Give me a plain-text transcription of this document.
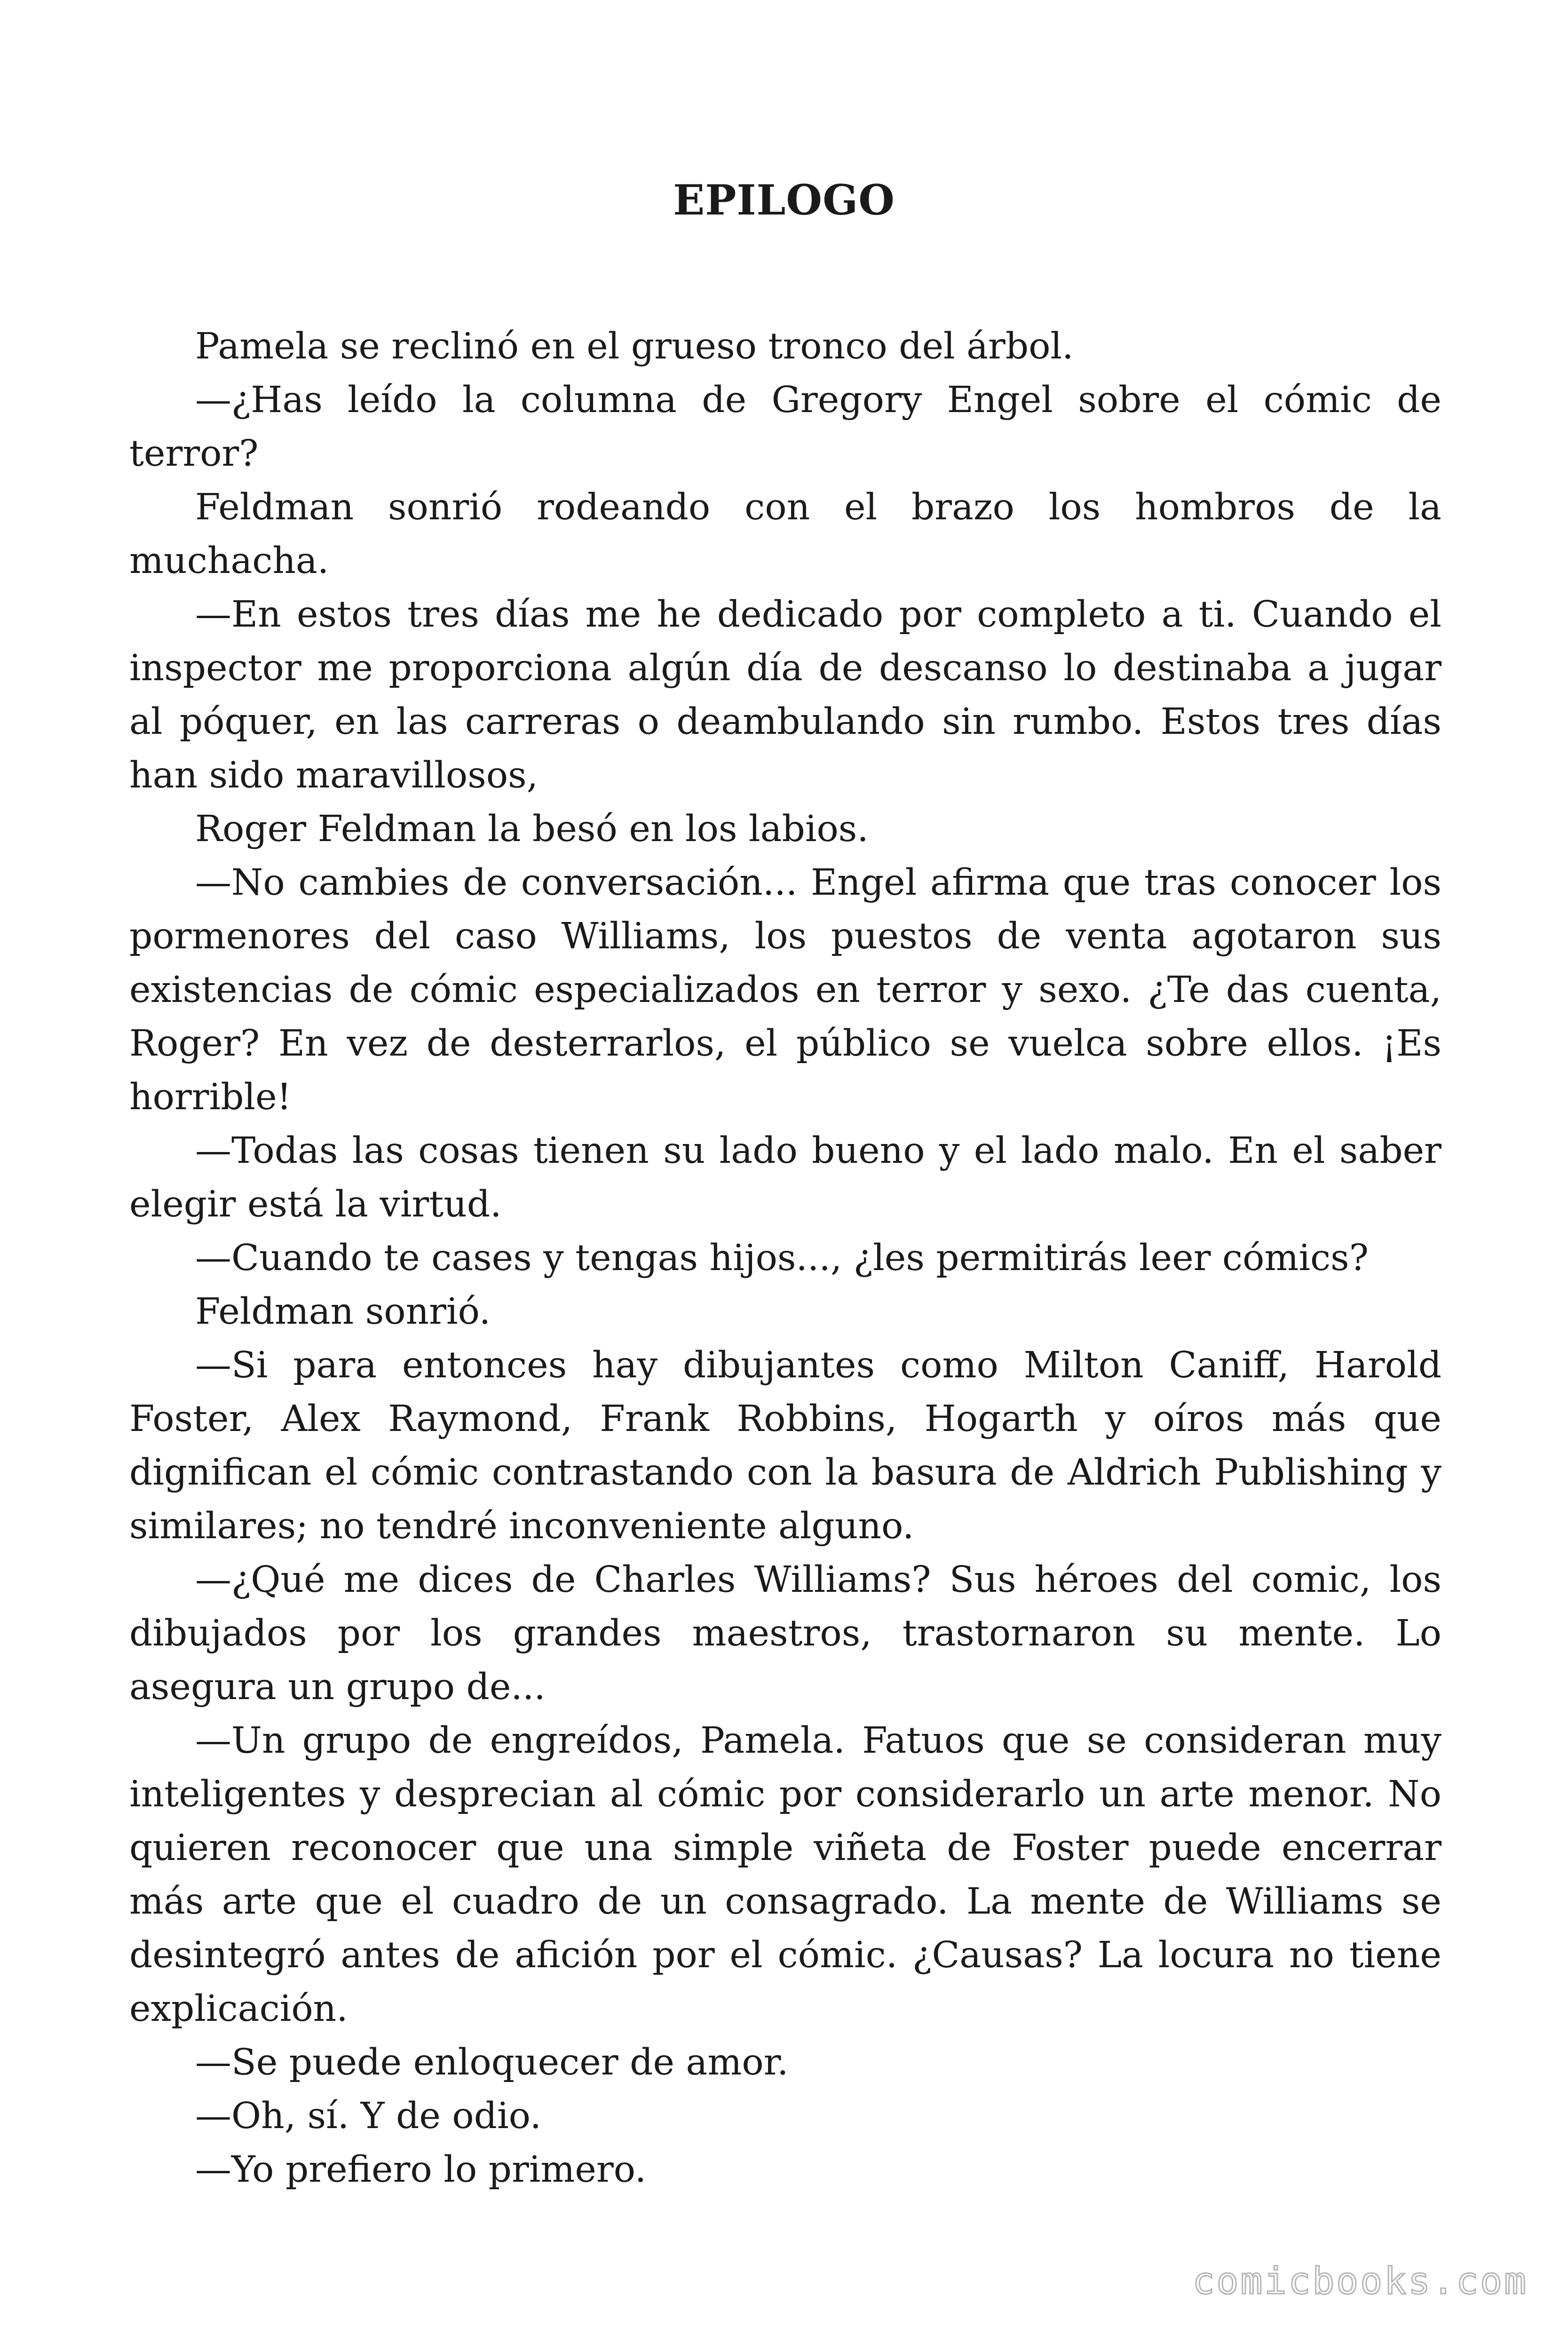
EPILOGO

Pamela se reclinó en el grueso tronco del árbol.

—¿Has leído la columna de Gregory Engel sobre el cómic de terror?

Feldman sonrió rodeando con el brazo los hombros de la muchacha.

—En estos tres días me he dedicado por completo a ti. Cuando el inspector me proporciona algún día de descanso lo destinaba a jugar al póquer, en las carreras o deambulando sin rumbo. Estos tres días han sido maravillosos,

Roger Feldman la besó en los labios.

—No cambies de conversación... Engel afirma que tras conocer los pormenores del caso Williams, los puestos de venta agotaron sus existencias de cómic especializados en terror y sexo. ¿Te das cuenta, Roger? En vez de desterrarlos, el público se vuelca sobre ellos. ¡Es horrible!

—Todas las cosas tienen su lado bueno y el lado malo. En el saber elegir está la virtud.

—Cuando te cases y tengas hijos..., ¿les permitirás leer cómics?

Feldman sonrió.

—Si para entonces hay dibujantes como Milton Caniff, Harold Foster, Alex Raymond, Frank Robbins, Hogarth y oíros más que dignifican el cómic contrastando con la basura de Aldrich Publishing y similares; no tendré inconveniente alguno.

—¿Qué me dices de Charles Williams? Sus héroes del comic, los dibujados por los grandes maestros, trastornaron su mente. Lo asegura un grupo de...

—Un grupo de engreídos, Pamela. Fatuos que se consideran muy inteligentes y desprecian al cómic por considerarlo un arte menor. No quieren reconocer que una simple viñeta de Foster puede encerrar más arte que el cuadro de un consagrado. La mente de Williams se desintegró antes de afición por el cómic. ¿Causas? La locura no tiene explicación.

—Se puede enloquecer de amor.

—Oh, sí. Y de odio.

—Yo prefiero lo primero.

comicbooks.com
